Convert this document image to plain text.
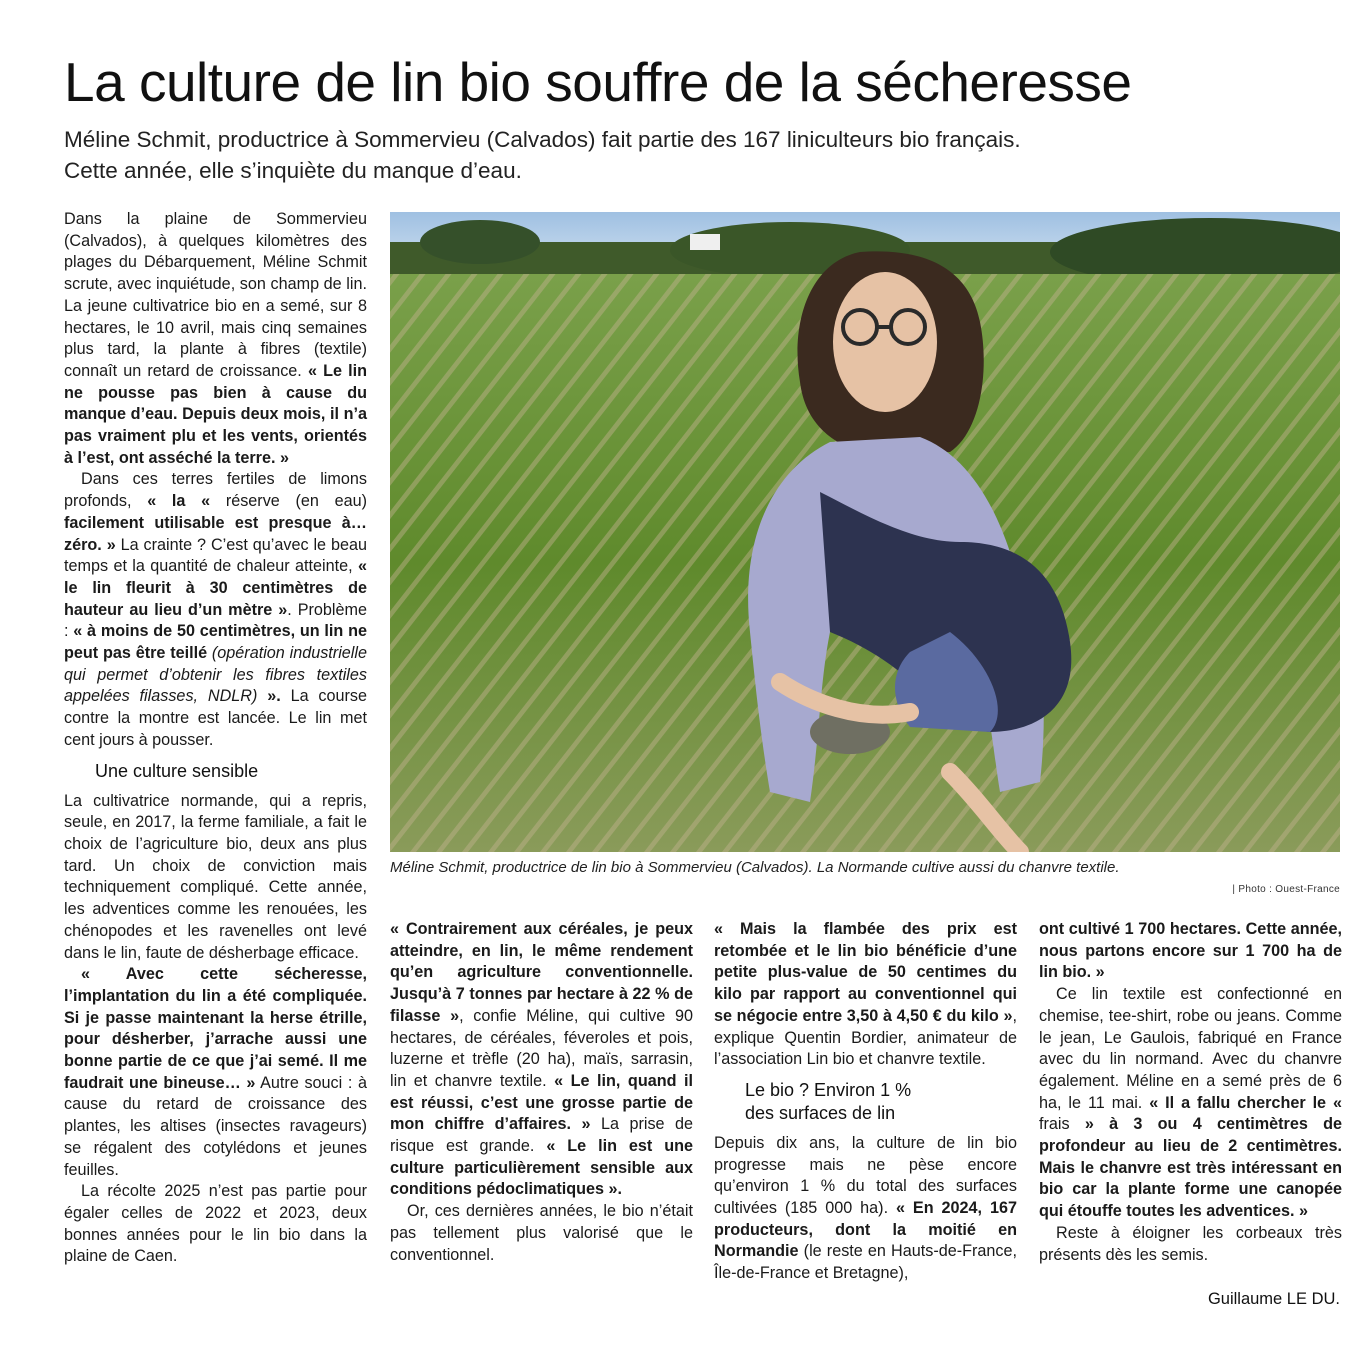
La culture de lin bio souffre de la sécheresse
Méline Schmit, productrice à Sommervieu (Calvados) fait partie des 167 liniculteurs bio français.
Cette année, elle s’inquiète du manque d’eau.

Dans la plaine de Sommervieu (Calvados), à quelques kilomètres des plages du Débarquement, Méline Schmit scrute, avec inquiétude, son champ de lin. La jeune cultivatrice bio en a semé, sur 8 hectares, le 10 avril, mais cinq semaines plus tard, la plante à fibres (textile) connaît un retard de croissance. « Le lin ne pousse pas bien à cause du manque d’eau. Depuis deux mois, il n’a pas vraiment plu et les vents, orientés à l’est, ont asséché la terre. »

Dans ces terres fertiles de limons profonds, « la « réserve (en eau) facilement utilisable est presque à… zéro. » La crainte ? C’est qu’avec le beau temps et la quantité de chaleur atteinte, « le lin fleurit à 30 centimètres de hauteur au lieu d’un mètre ». Problème : « à moins de 50 centimètres, un lin ne peut pas être teillé (opération industrielle qui permet d’obtenir les fibres textiles appelées filasses, NDLR) ». La course contre la montre est lancée. Le lin met cent jours à pousser.

Une culture sensible

La cultivatrice normande, qui a repris, seule, en 2017, la ferme familiale, a fait le choix de l’agriculture bio, deux ans plus tard. Un choix de conviction mais techniquement compliqué. Cette année, les adventices comme les renouées, les chénopodes et les ravenelles ont levé dans le lin, faute de désherbage efficace.

« Avec cette sécheresse, l’implantation du lin a été compliquée. Si je passe maintenant la herse étrille, pour désherber, j’arrache aussi une bonne partie de ce que j’ai semé. Il me faudrait une bineuse… » Autre souci : à cause du retard de croissance des plantes, les altises (insectes ravageurs) se régalent des cotylédons et jeunes feuilles.

La récolte 2025 n’est pas partie pour égaler celles de 2022 et 2023, deux bonnes années pour le lin bio dans la plaine de Caen.

Méline Schmit, productrice de lin bio à Sommervieu (Calvados). La Normande cultive aussi du chanvre textile.

| Photo : Ouest-France

« Contrairement aux céréales, je peux atteindre, en lin, le même rendement qu’en agriculture conventionnelle. Jusqu’à 7 tonnes par hectare à 22 % de filasse », confie Méline, qui cultive 90 hectares, de céréales, féveroles et pois, luzerne et trèfle (20 ha), maïs, sarrasin, lin et chanvre textile. « Le lin, quand il est réussi, c’est une grosse partie de mon chiffre d’affaires. » La prise de risque est grande. « Le lin est une culture particulièrement sensible aux conditions pédoclimatiques ».

Or, ces dernières années, le bio n’était pas tellement plus valorisé que le conventionnel.

« Mais la flambée des prix est retombée et le lin bio bénéficie d’une petite plus-value de 50 centimes du kilo par rapport au conventionnel qui se négocie entre 3,50 à 4,50 € du kilo », explique Quentin Bordier, animateur de l’association Lin bio et chanvre textile.

Le bio ? Environ 1 %
des surfaces de lin

Depuis dix ans, la culture de lin bio progresse mais ne pèse encore qu’environ 1 % du total des surfaces cultivées (185 000 ha). « En 2024, 167 producteurs, dont la moitié en Normandie (le reste en Hauts-de-France, Île-de-France et Bretagne),

ont cultivé 1 700 hectares. Cette année, nous partons encore sur 1 700 ha de lin bio. »

Ce lin textile est confectionné en chemise, tee-shirt, robe ou jeans. Comme le jean, Le Gaulois, fabriqué en France avec du lin normand. Avec du chanvre également. Méline en a semé près de 6 ha, le 11 mai. « Il a fallu chercher le « frais » à 3 ou 4 centimètres de profondeur au lieu de 2 centimètres. Mais le chanvre est très intéressant en bio car la plante forme une canopée qui étouffe toutes les adventices. »

Reste à éloigner les corbeaux très présents dès les semis.

Guillaume LE DU.
